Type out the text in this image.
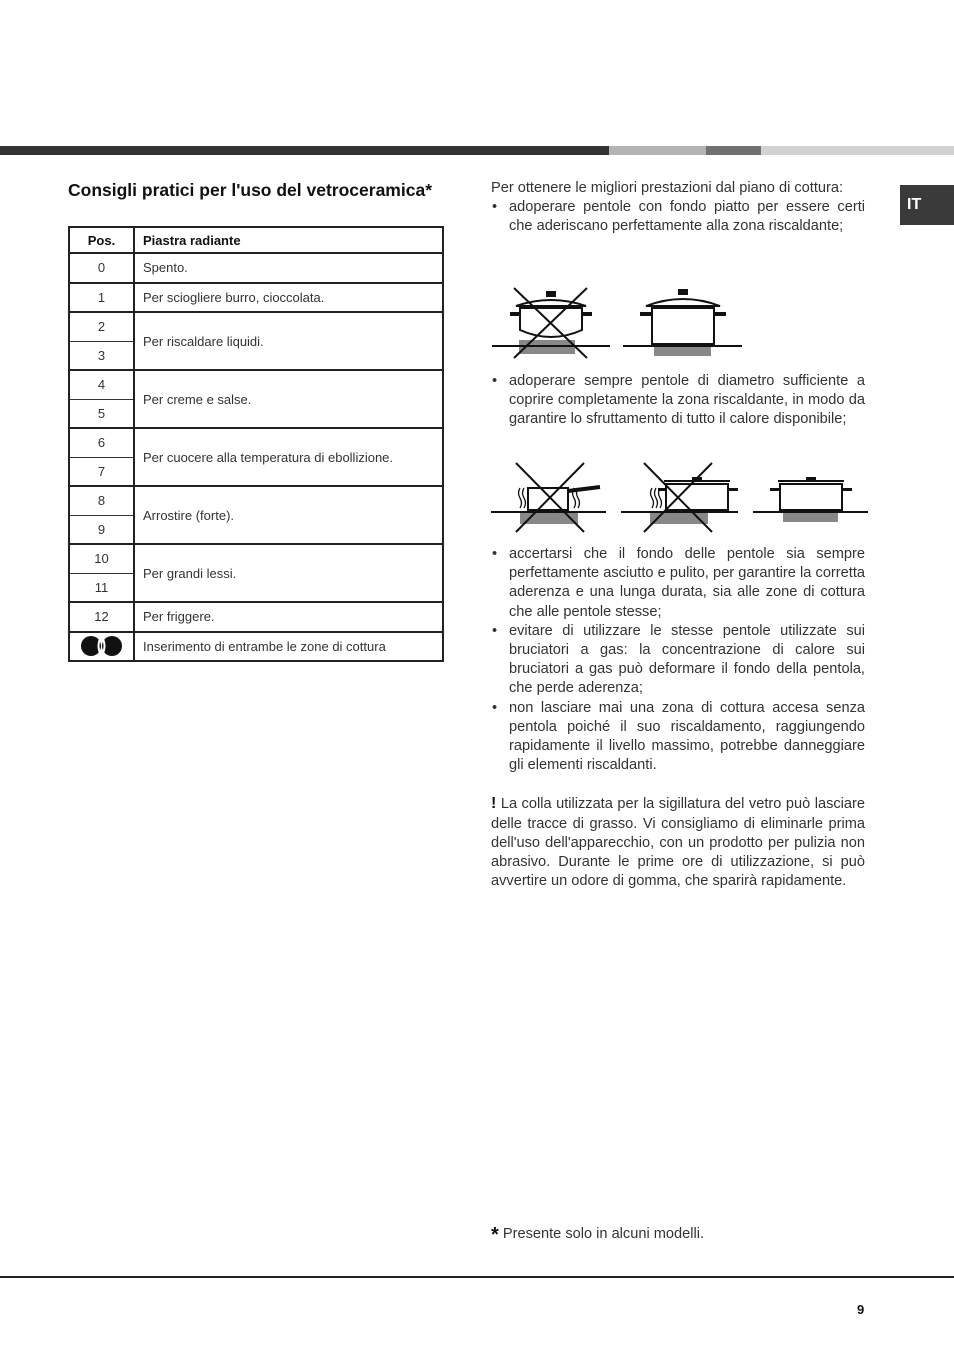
IT
Consigli pratici per l'uso del vetroceramica*
Pos.	Piastra radiante
0	Spento.
1	Per sciogliere burro, cioccolata.
2	Per riscaldare liquidi.
3	
4	Per creme e salse.
5	
6	Per cuocere alla temperatura di ebollizione.
7	
8	Arrostire (forte).
9	
10	Per grandi lessi.
11	
12	Per friggere.
	Inserimento di entrambe le zone di cottura

Per ottenere le migliori prestazioni dal piano di cottura:

• adoperare pentole con fondo piatto per essere certi che aderiscano perfettamente alla zona riscaldante;
• adoperare sempre pentole di diametro sufficiente a coprire completamente la zona riscaldante, in modo da garantire lo sfruttamento di tutto il calore disponibile;
• accertarsi che il fondo delle pentole sia sempre perfettamente asciutto e pulito, per garantire la corretta aderenza e una lunga durata, sia alle zone di cottura che alle pentole stesse;
• evitare di utilizzare le stesse pentole utilizzate sui bruciatori a gas: la concentrazione di calore sui bruciatori a gas può deformare il fondo della pentola, che perde aderenza;
• non lasciare mai una zona di cottura accesa senza pentola poiché il suo riscaldamento, raggiungendo rapidamente il livello massimo, potrebbe danneggiare gli elementi riscaldanti.

! La colla utilizzata per la sigillatura del vetro può lasciare delle tracce di grasso. Vi consigliamo di eliminarle prima dell'uso dell'apparecchio, con un prodotto per pulizia non abrasivo. Durante le prime ore di utilizzazione, si può avvertire un odore di gomma, che sparirà rapidamente.

* Presente solo in alcuni modelli.
9
